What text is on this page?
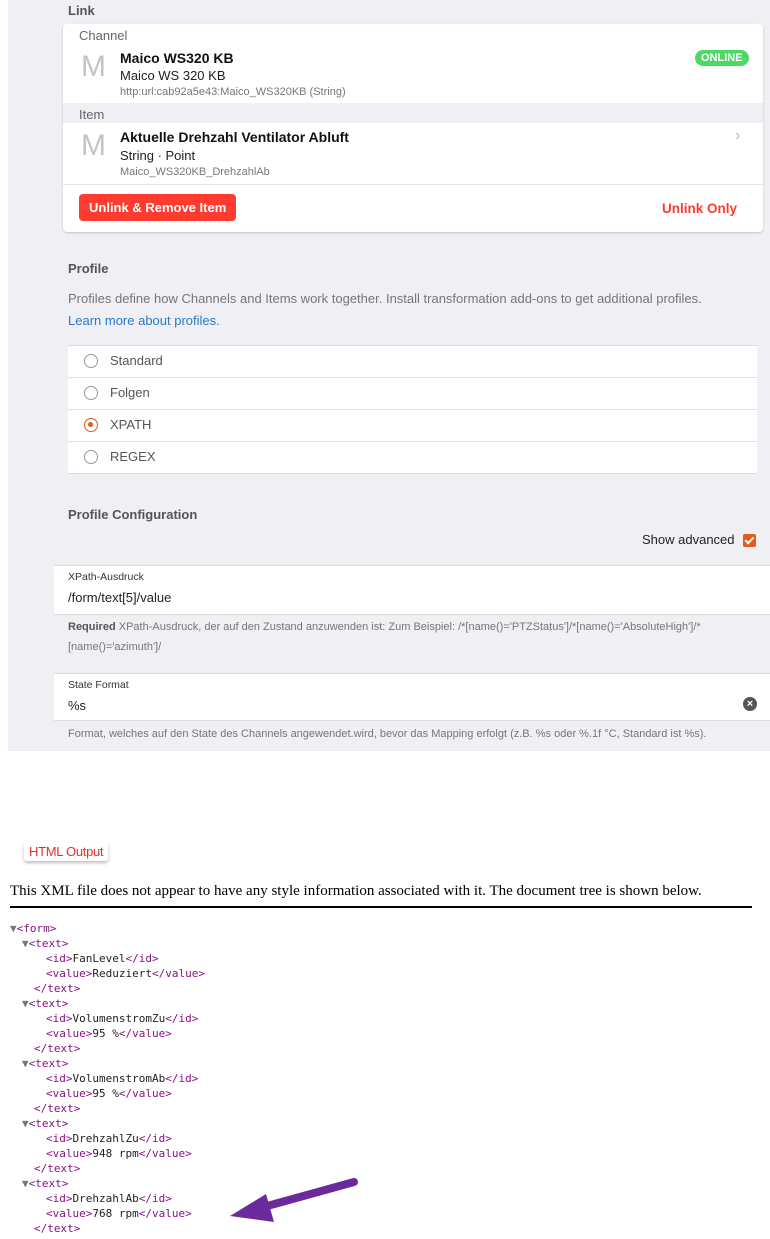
Link
Channel
M Maico WS320 KB
Maico WS 320 KB
http:url:cab92a5e43:Maico_WS320KB (String)
ONLINE
Item
M Aktuelle Drehzahl Ventilator Abluft
String · Point
Maico_WS320KB_DrehzahlAb
›
Unlink & Remove Item	Unlink Only
Profile
Profiles define how Channels and Items work together. Install transformation add-ons to get additional profiles.
Learn more about profiles.
Standard
Folgen
XPATH
REGEX
Profile Configuration
Show advanced
XPath-Ausdruck
/form/text[5]/value
Required XPath-Ausdruck, der auf den Zustand anzuwenden ist: Zum Beispiel: /*[name()='PTZStatus']/*[name()='AbsoluteHigh']/*
[name()='azimuth']/
State Format
%s	×
Format, welches auf den State des Channels angewendet.wird, bevor das Mapping erfolgt (z.B. %s oder %.1f °C, Standard ist %s).
HTML Output
This XML file does not appear to have any style information associated with it. The document tree is shown below.
▼<form>
▼<text>
<id>FanLevel</id>
<value>Reduziert</value>
</text>
▼<text>
<id>VolumenstromZu</id>
<value>95 %</value>
</text>
▼<text>
<id>VolumenstromAb</id>
<value>95 %</value>
</text>
▼<text>
<id>DrehzahlZu</id>
<value>948 rpm</value>
</text>
▼<text>
<id>DrehzahlAb</id>
<value>768 rpm</value>
</text>
